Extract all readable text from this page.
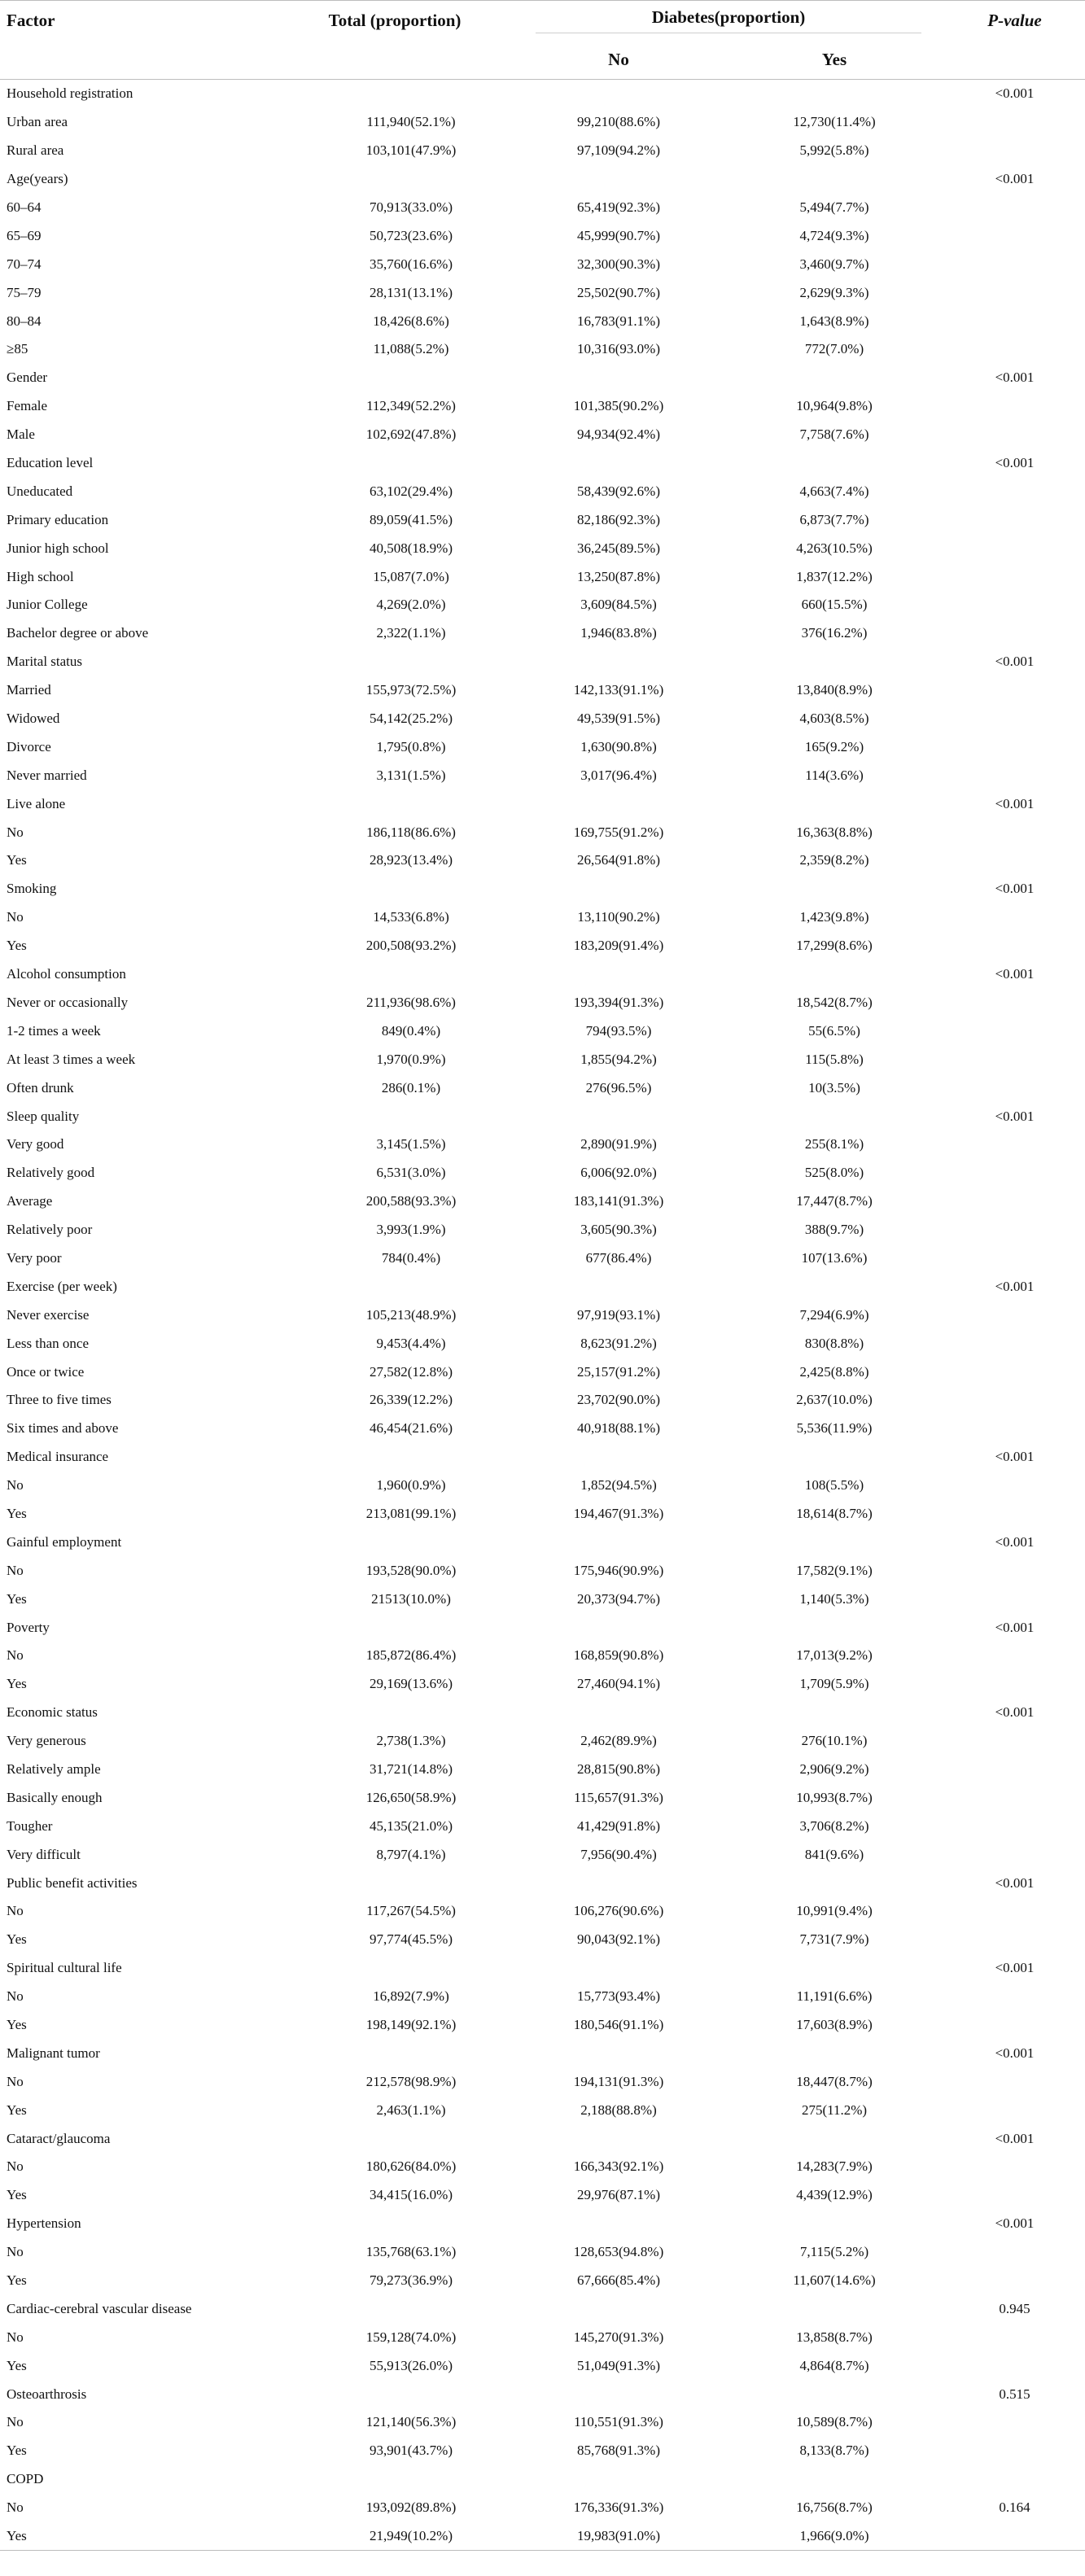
Factor	Total (proportion)	Diabetes(proportion)		P-value
		No	Yes	
Household registration				<0.001
Urban area	111,940(52.1%)	99,210(88.6%)	12,730(11.4%)	
Rural area	103,101(47.9%)	97,109(94.2%)	5,992(5.8%)	
Age(years)				<0.001
60–64	70,913(33.0%)	65,419(92.3%)	5,494(7.7%)	
65–69	50,723(23.6%)	45,999(90.7%)	4,724(9.3%)	
70–74	35,760(16.6%)	32,300(90.3%)	3,460(9.7%)	
75–79	28,131(13.1%)	25,502(90.7%)	2,629(9.3%)	
80–84	18,426(8.6%)	16,783(91.1%)	1,643(8.9%)	
≥85	11,088(5.2%)	10,316(93.0%)	772(7.0%)	
Gender				<0.001
Female	112,349(52.2%)	101,385(90.2%)	10,964(9.8%)	
Male	102,692(47.8%)	94,934(92.4%)	7,758(7.6%)	
Education level				<0.001
Uneducated	63,102(29.4%)	58,439(92.6%)	4,663(7.4%)	
Primary education	89,059(41.5%)	82,186(92.3%)	6,873(7.7%)	
Junior high school	40,508(18.9%)	36,245(89.5%)	4,263(10.5%)	
High school	15,087(7.0%)	13,250(87.8%)	1,837(12.2%)	
Junior College	4,269(2.0%)	3,609(84.5%)	660(15.5%)	
Bachelor degree or above	2,322(1.1%)	1,946(83.8%)	376(16.2%)	
Marital status				<0.001
Married	155,973(72.5%)	142,133(91.1%)	13,840(8.9%)	
Widowed	54,142(25.2%)	49,539(91.5%)	4,603(8.5%)	
Divorce	1,795(0.8%)	1,630(90.8%)	165(9.2%)	
Never married	3,131(1.5%)	3,017(96.4%)	114(3.6%)	
Live alone				<0.001
No	186,118(86.6%)	169,755(91.2%)	16,363(8.8%)	
Yes	28,923(13.4%)	26,564(91.8%)	2,359(8.2%)	
Smoking				<0.001
No	14,533(6.8%)	13,110(90.2%)	1,423(9.8%)	
Yes	200,508(93.2%)	183,209(91.4%)	17,299(8.6%)	
Alcohol consumption				<0.001
Never or occasionally	211,936(98.6%)	193,394(91.3%)	18,542(8.7%)	
1-2 times a week	849(0.4%)	794(93.5%)	55(6.5%)	
At least 3 times a week	1,970(0.9%)	1,855(94.2%)	115(5.8%)	
Often drunk	286(0.1%)	276(96.5%)	10(3.5%)	
Sleep quality				<0.001
Very good	3,145(1.5%)	2,890(91.9%)	255(8.1%)	
Relatively good	6,531(3.0%)	6,006(92.0%)	525(8.0%)	
Average	200,588(93.3%)	183,141(91.3%)	17,447(8.7%)	
Relatively poor	3,993(1.9%)	3,605(90.3%)	388(9.7%)	
Very poor	784(0.4%)	677(86.4%)	107(13.6%)	
Exercise (per week)				<0.001
Never exercise	105,213(48.9%)	97,919(93.1%)	7,294(6.9%)	
Less than once	9,453(4.4%)	8,623(91.2%)	830(8.8%)	
Once or twice	27,582(12.8%)	25,157(91.2%)	2,425(8.8%)	
Three to five times	26,339(12.2%)	23,702(90.0%)	2,637(10.0%)	
Six times and above	46,454(21.6%)	40,918(88.1%)	5,536(11.9%)	
Medical insurance				<0.001
No	1,960(0.9%)	1,852(94.5%)	108(5.5%)	
Yes	213,081(99.1%)	194,467(91.3%)	18,614(8.7%)	
Gainful employment				<0.001
No	193,528(90.0%)	175,946(90.9%)	17,582(9.1%)	
Yes	21513(10.0%)	20,373(94.7%)	1,140(5.3%)	
Poverty				<0.001
No	185,872(86.4%)	168,859(90.8%)	17,013(9.2%)	
Yes	29,169(13.6%)	27,460(94.1%)	1,709(5.9%)	
Economic status				<0.001
Very generous	2,738(1.3%)	2,462(89.9%)	276(10.1%)	
Relatively ample	31,721(14.8%)	28,815(90.8%)	2,906(9.2%)	
Basically enough	126,650(58.9%)	115,657(91.3%)	10,993(8.7%)	
Tougher	45,135(21.0%)	41,429(91.8%)	3,706(8.2%)	
Very difficult	8,797(4.1%)	7,956(90.4%)	841(9.6%)	
Public benefit activities				<0.001
No	117,267(54.5%)	106,276(90.6%)	10,991(9.4%)	
Yes	97,774(45.5%)	90,043(92.1%)	7,731(7.9%)	
Spiritual cultural life				<0.001
No	16,892(7.9%)	15,773(93.4%)	11,191(6.6%)	
Yes	198,149(92.1%)	180,546(91.1%)	17,603(8.9%)	
Malignant tumor				<0.001
No	212,578(98.9%)	194,131(91.3%)	18,447(8.7%)	
Yes	2,463(1.1%)	2,188(88.8%)	275(11.2%)	
Cataract/glaucoma				<0.001
No	180,626(84.0%)	166,343(92.1%)	14,283(7.9%)	
Yes	34,415(16.0%)	29,976(87.1%)	4,439(12.9%)	
Hypertension				<0.001
No	135,768(63.1%)	128,653(94.8%)	7,115(5.2%)	
Yes	79,273(36.9%)	67,666(85.4%)	11,607(14.6%)	
Cardiac-cerebral vascular disease				0.945
No	159,128(74.0%)	145,270(91.3%)	13,858(8.7%)	
Yes	55,913(26.0%)	51,049(91.3%)	4,864(8.7%)	
Osteoarthrosis				0.515
No	121,140(56.3%)	110,551(91.3%)	10,589(8.7%)	
Yes	93,901(43.7%)	85,768(91.3%)	8,133(8.7%)	
COPD				
No	193,092(89.8%)	176,336(91.3%)	16,756(8.7%)	0.164
Yes	21,949(10.2%)	19,983(91.0%)	1,966(9.0%)	
